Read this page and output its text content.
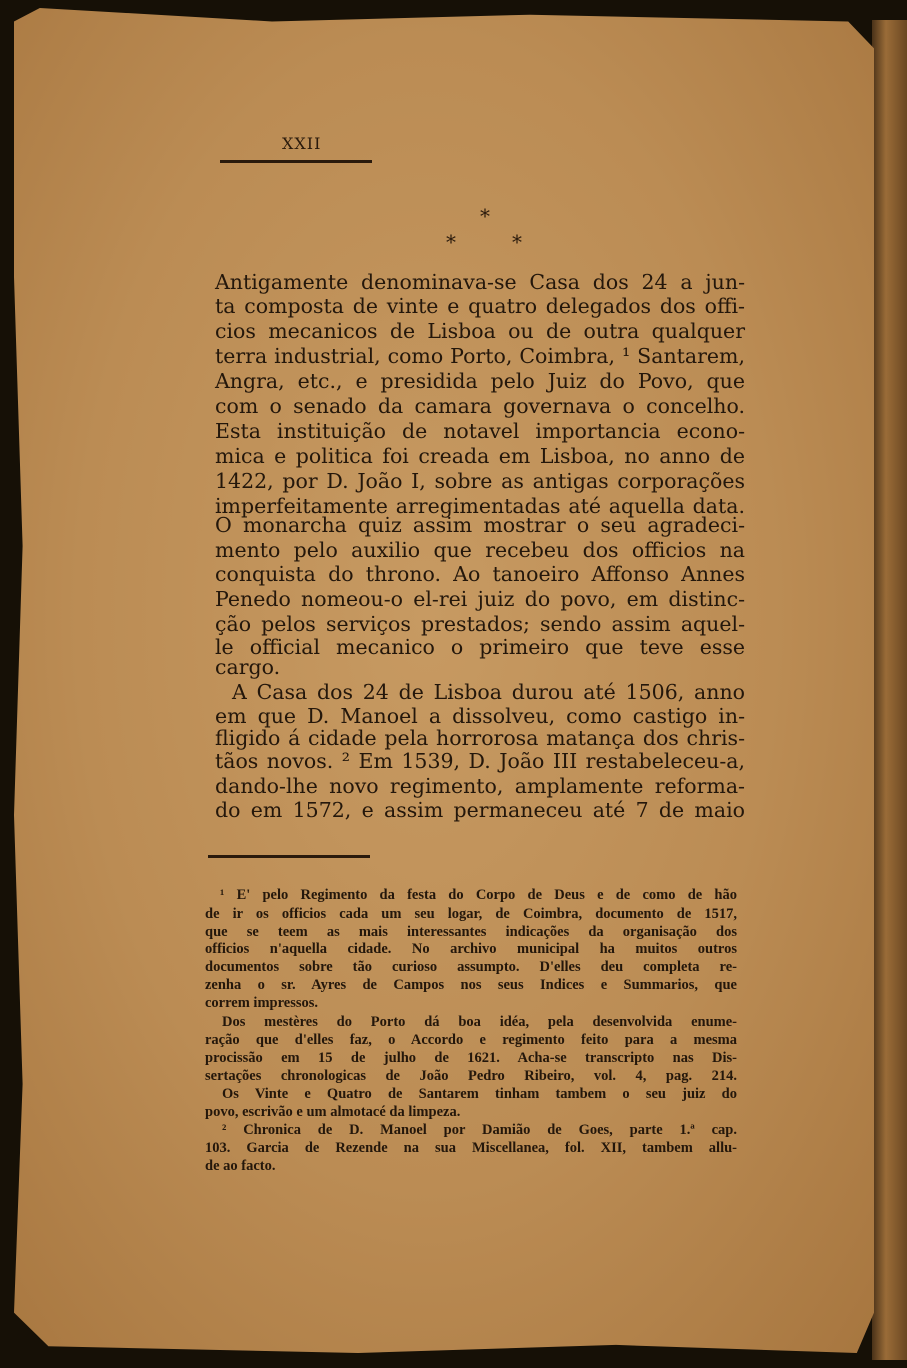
XXII
*
*	*
Antigamente denominava-se Casa dos 24 a jun-
ta composta de vinte e quatro delegados dos offi-
cios mecanicos de Lisboa ou de outra qualquer
terra industrial, como Porto, Coimbra, ¹ Santarem,
Angra, etc., e presidida pelo Juiz do Povo, que
com o senado da camara governava o concelho.
Esta instituição de notavel importancia econo-
mica e politica foi creada em Lisboa, no anno de
1422, por D. João I, sobre as antigas corporações
imperfeitamente arregimentadas até aquella data.
O monarcha quiz assim mostrar o seu agradeci-
mento pelo auxilio que recebeu dos officios na
conquista do throno. Ao tanoeiro Affonso Annes
Penedo nomeou-o el-rei juiz do povo, em distinc-
ção pelos serviços prestados; sendo assim aquel-
le official mecanico o primeiro que teve esse
cargo.
A Casa dos 24 de Lisboa durou até 1506, anno
em que D. Manoel a dissolveu, como castigo in-
fligido á cidade pela horrorosa matança dos chris-
tãos novos. ² Em 1539, D. João III restabeleceu-a,
dando-lhe novo regimento, amplamente reforma-
do em 1572, e assim permaneceu até 7 de maio
¹ E' pelo Regimento da festa do Corpo de Deus e de como de hão
de ir os officios cada um seu logar, de Coimbra, documento de 1517,
que se teem as mais interessantes indicações da organisação dos
officios n'aquella cidade. No archivo municipal ha muitos outros
documentos sobre tão curioso assumpto. D'elles deu completa re-
zenha o sr. Ayres de Campos nos seus Indices e Summarios, que
correm impressos.
Dos mestères do Porto dá boa idéa, pela desenvolvida enume-
ração que d'elles faz, o Accordo e regimento feito para a mesma
procissão em 15 de julho de 1621. Acha-se transcripto nas Dis-
sertações chronologicas de João Pedro Ribeiro, vol. 4, pag. 214.
Os Vinte e Quatro de Santarem tinham tambem o seu juiz do
povo, escrivão e um almotacé da limpeza.
² Chronica de D. Manoel por Damião de Goes, parte 1.ª cap.
103. Garcia de Rezende na sua Miscellanea, fol. XII, tambem allu-
de ao facto.
